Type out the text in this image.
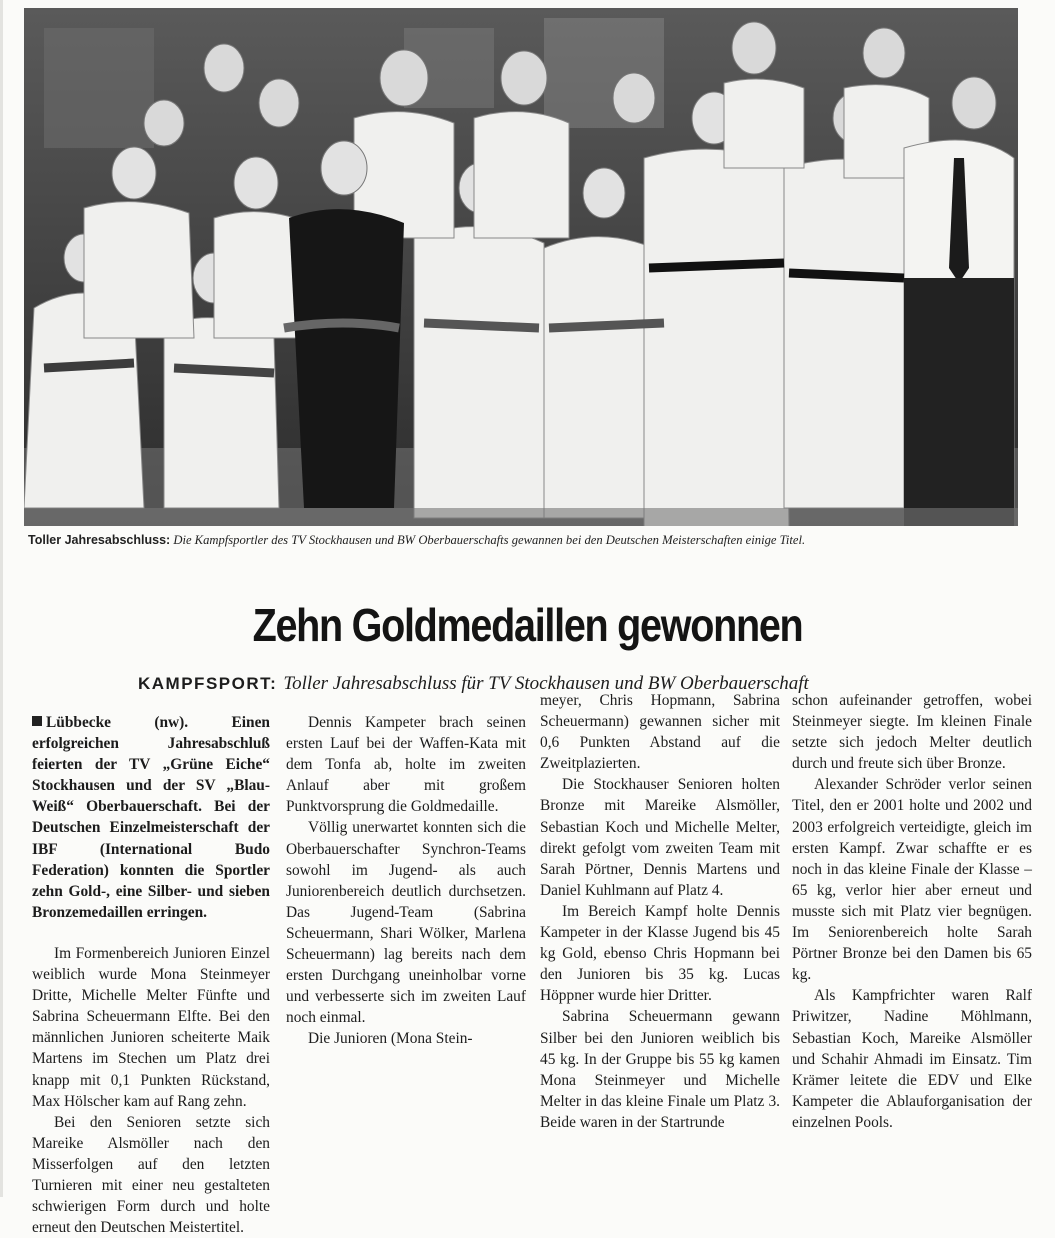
Toller Jahresabschluss: Die Kampfsportler des TV Stockhausen und BW Oberbauerschafts gewannen bei den Deutschen Meisterschaften einige Titel.
Zehn Goldmedaillen gewonnen
KAMPFSPORT: Toller Jahresabschluss für TV Stockhausen und BW Oberbauerschaft

Lübbecke (nw). Einen erfolgreichen Jahresabschluß feierten der TV „Grüne Eiche“ Stockhausen und der SV „Blau-Weiß“ Oberbauerschaft. Bei der Deutschen Einzelmeisterschaft der IBF (International Budo Federation) konnten die Sportler zehn Gold-, eine Silber- und sieben Bronzemedaillen erringen.

Im Formenbereich Junioren Einzel weiblich wurde Mona Steinmeyer Dritte, Michelle Melter Fünfte und Sabrina Scheuermann Elfte. Bei den männlichen Junioren scheiterte Maik Martens im Stechen um Platz drei knapp mit 0,1 Punkten Rückstand, Max Hölscher kam auf Rang zehn.

Bei den Senioren setzte sich Mareike Alsmöller nach den Misserfolgen auf den letzten Turnieren mit einer neu gestalteten schwierigen Form durch und holte erneut den Deutschen Meistertitel.

Dennis Kampeter brach seinen ersten Lauf bei der Waffen-Kata mit dem Tonfa ab, holte im zweiten Anlauf aber mit großem Punktvorsprung die Goldmedaille.

Völlig unerwartet konnten sich die Oberbauerschafter Synchron-Teams sowohl im Jugend- als auch Juniorenbereich deutlich durchsetzen. Das Jugend-Team (Sabrina Scheuermann, Shari Wölker, Marlena Scheuermann) lag bereits nach dem ersten Durchgang uneinholbar vorne und verbesserte sich im zweiten Lauf noch einmal.

Die Junioren (Mona Stein-

meyer, Chris Hopmann, Sabrina Scheuermann) gewannen sicher mit 0,6 Punkten Abstand auf die Zweitplazierten.

Die Stockhauser Senioren holten Bronze mit Mareike Alsmöller, Sebastian Koch und Michelle Melter, direkt gefolgt vom zweiten Team mit Sarah Pörtner, Dennis Martens und Daniel Kuhlmann auf Platz 4.

Im Bereich Kampf holte Dennis Kampeter in der Klasse Jugend bis 45 kg Gold, ebenso Chris Hopmann bei den Junioren bis 35 kg. Lucas Höppner wurde hier Dritter.

Sabrina Scheuermann gewann Silber bei den Junioren weiblich bis 45 kg. In der Gruppe bis 55 kg kamen Mona Steinmeyer und Michelle Melter in das kleine Finale um Platz 3. Beide waren in der Startrunde

schon aufeinander getroffen, wobei Steinmeyer siegte. Im kleinen Finale setzte sich jedoch Melter deutlich durch und freute sich über Bronze.

Alexander Schröder verlor seinen Titel, den er 2001 holte und 2002 und 2003 erfolgreich verteidigte, gleich im ersten Kampf. Zwar schaffte er es noch in das kleine Finale der Klasse – 65 kg, verlor hier aber erneut und musste sich mit Platz vier begnügen. Im Seniorenbereich holte Sarah Pörtner Bronze bei den Damen bis 65 kg.

Als Kampfrichter waren Ralf Priwitzer, Nadine Möhlmann, Sebastian Koch, Mareike Alsmöller und Schahir Ahmadi im Einsatz. Tim Krämer leitete die EDV und Elke Kampeter die Ablauforganisation der einzelnen Pools.
